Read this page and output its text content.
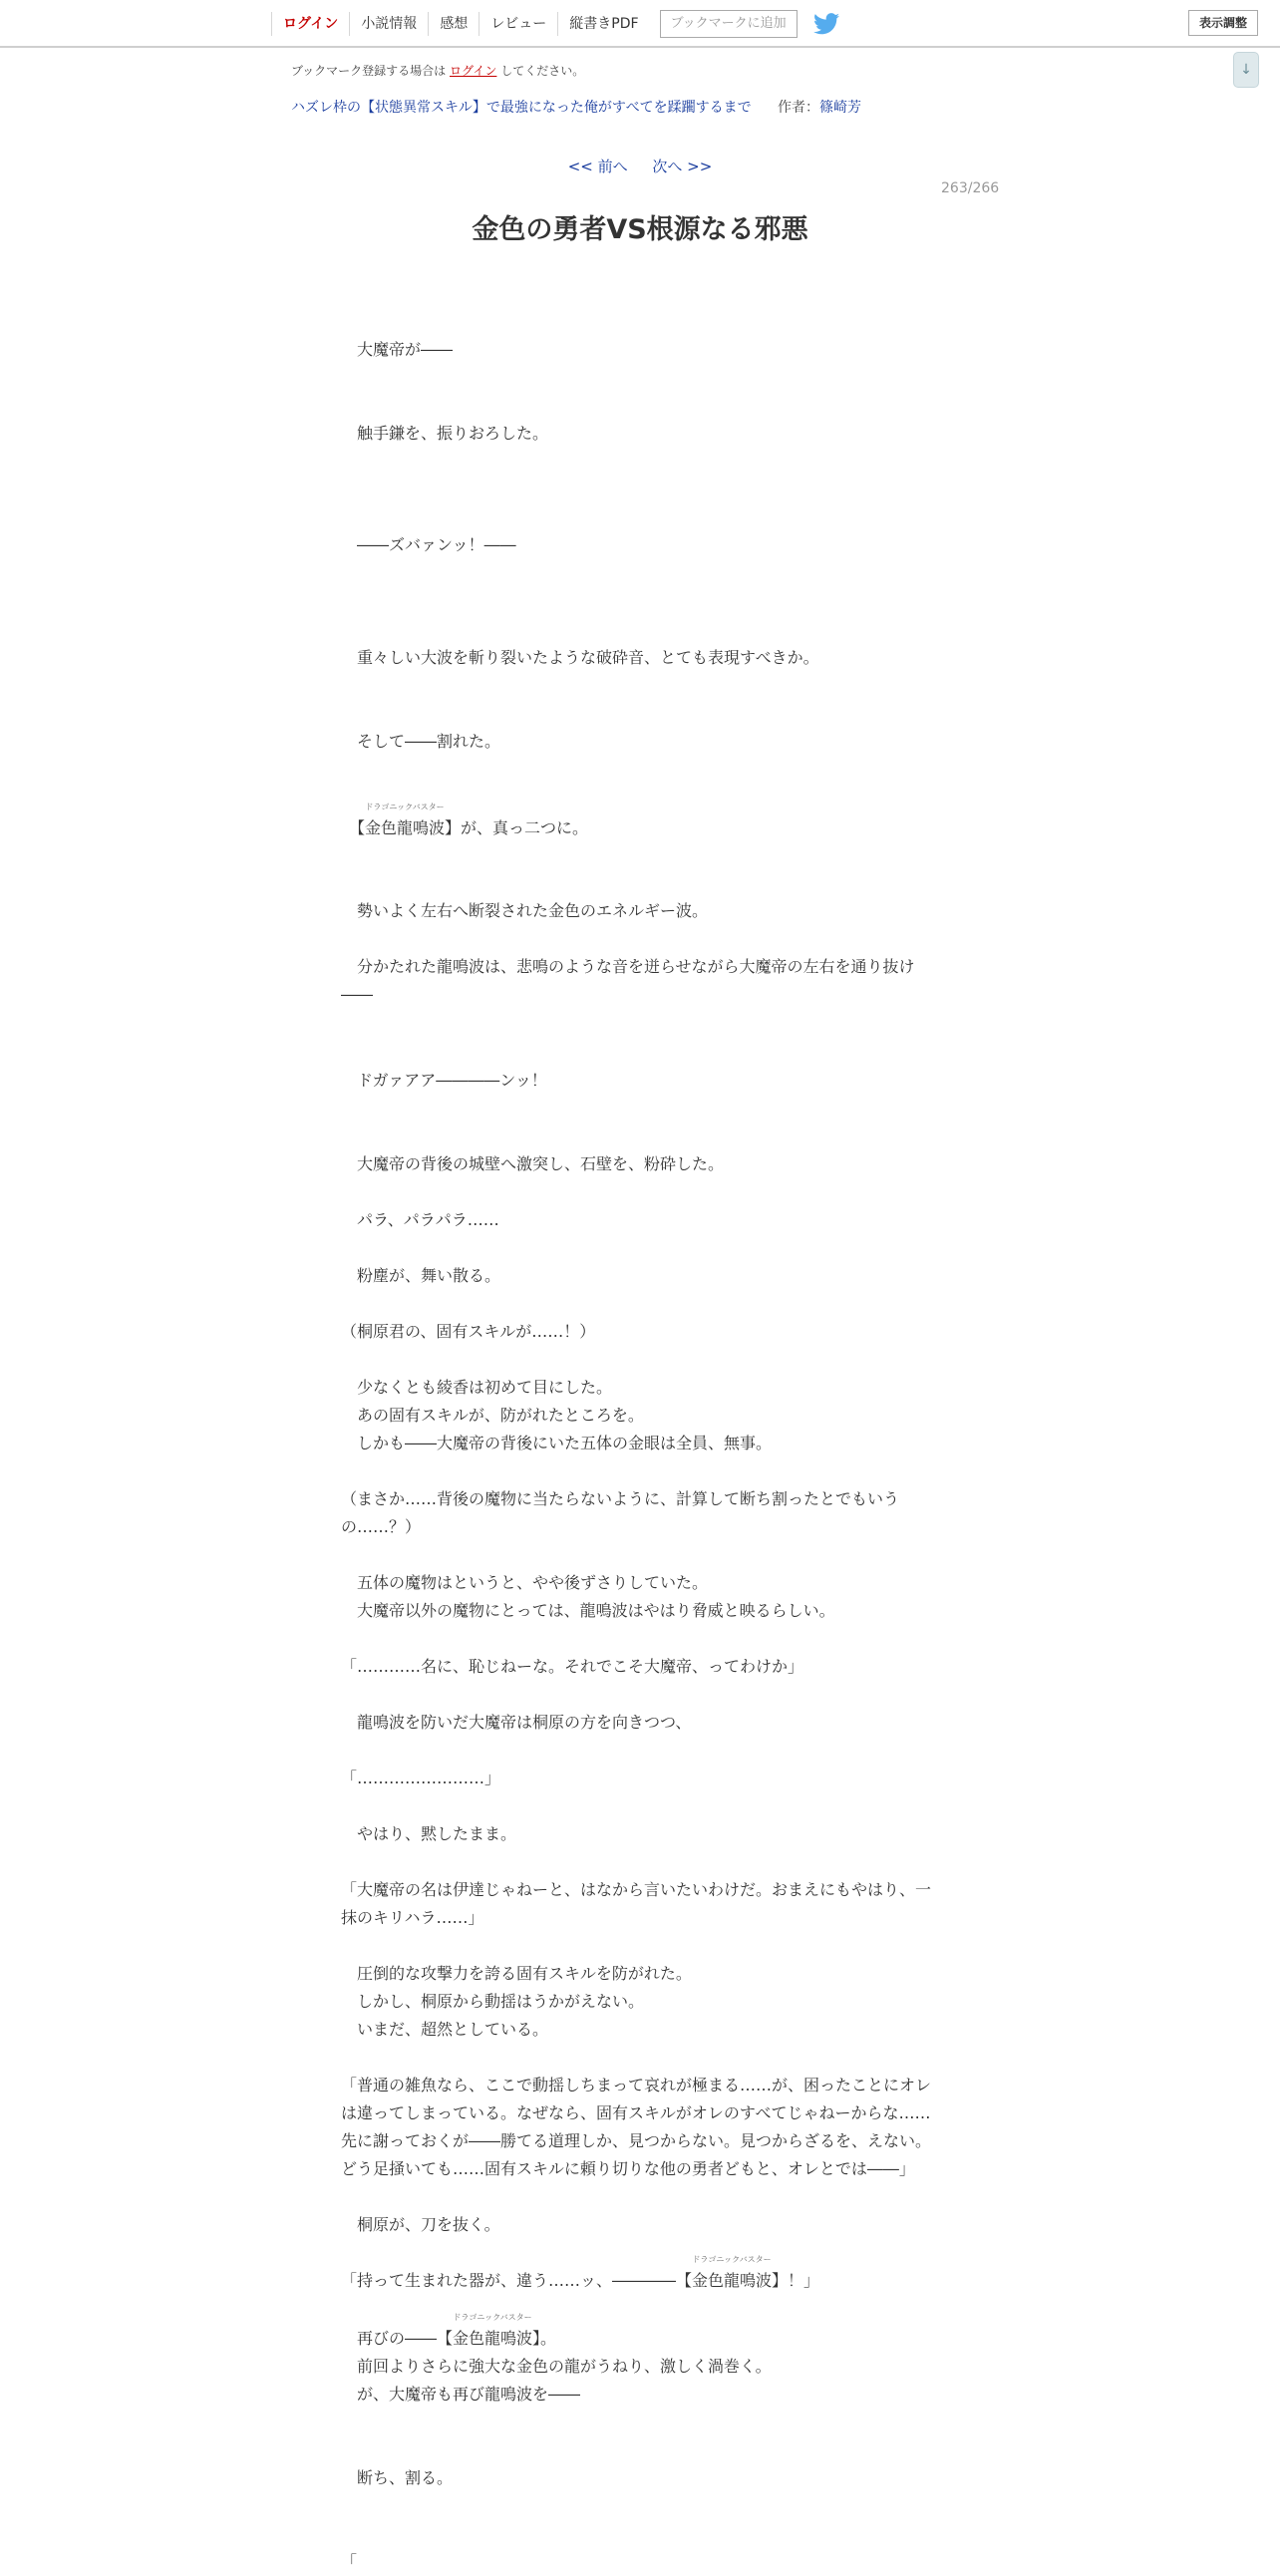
ログイン	小説情報	感想	レビュー	縦書きPDF	ブックマークに追加	表示調整
↓
ブックマーク登録する場合は ログイン してください。
ハズレ枠の【状態異常スキル】で最強になった俺がすべてを蹂躙するまで 作者：篠崎芳
<< 前へ 次へ >>
263/266
金色の勇者VS根源なる邪悪

　大魔帝が――

　触手鎌を、振りおろした。

　――ズバァンッ！――

　重々しい大波を斬り裂いたような破砕音、とても表現すべきか。

　そして――割れた。

　【
ドラゴニックバスター
金色龍鳴波】が、真っ二つに。

　勢いよく左右へ断裂された金色のエネルギー波。

　分かたれた龍鳴波は、悲鳴のような音を迸らせながら大魔帝の左右を通り抜け――

　ドガァアア――――ンッ！

　大魔帝の背後の城壁へ激突し、石壁を、粉砕した。

　パラ、パラパラ……

　粉塵が、舞い散る。

（桐原君の、固有スキルが……！）

　少なくとも綾香は初めて目にした。

　あの固有スキルが、防がれたところを。

　しかも――大魔帝の背後にいた五体の金眼は全員、無事。

（まさか……背後の魔物に当たらないように、計算して断ち割ったとでもいうの……？）

　五体の魔物はというと、やや後ずさりしていた。

　大魔帝以外の魔物にとっては、龍鳴波はやはり脅威と映るらしい。

「…………名に、恥じねーな。それでこそ大魔帝、ってわけか」

　龍鳴波を防いだ大魔帝は桐原の方を向きつつ、

「……………………」

　やはり、黙したまま。

「大魔帝の名は伊達じゃねーと、はなから言いたいわけだ。おまえにもやはり、一抹のキリハラ……」

　圧倒的な攻撃力を誇る固有スキルを防がれた。

　しかし、桐原から動揺はうかがえない。

　いまだ、超然としている。

「普通の雑魚なら、ここで動揺しちまって哀れが極まる……が、困ったことにオレは違ってしまっている。なぜなら、固有スキルがオレのすべてじゃねーからな……先に謝っておくが――勝てる道理しか、見つからない。見つからざるを、えない。どう足掻いても……固有スキルに頼り切りな他の勇者どもと、オレとでは――」

　桐原が、刀を抜く。

「持って生まれた器が、違う……ッ、――――【
ドラゴニックバスター
金色龍鳴波】！」

　再びの――【
ドラゴニックバスター
金色龍鳴波】。

　前回よりさらに強大な金色の龍がうねり、激しく渦巻く。

　が、大魔帝も再び龍鳴波を――

　断ち、割る。

「
